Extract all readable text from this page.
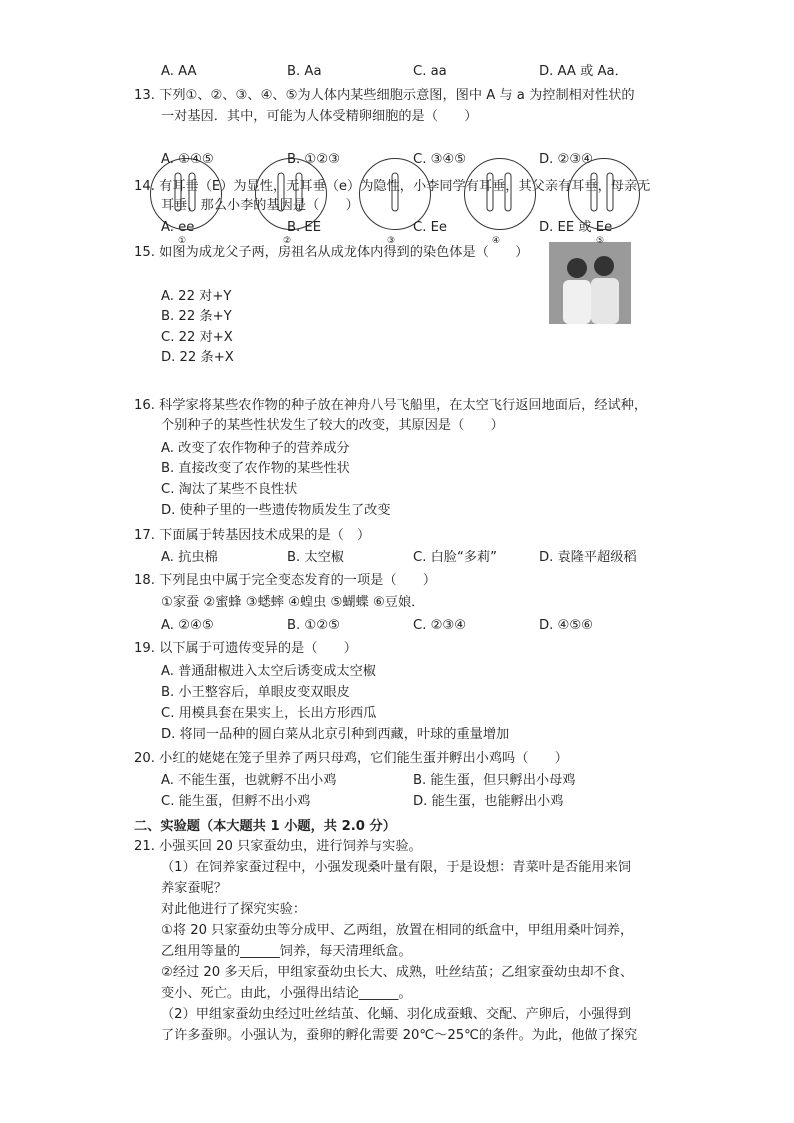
A. AA	B. Aa	C. aa	D. AA 或 Aa．
13. 下列①、②、③、④、⑤为人体内某些细胞示意图，图中 A 与 a 为控制相对性状的
一对基因．其中，可能为人体受精卵细胞的是（　　）
A. ①④⑤	B. ①②③	C. ③④⑤	D. ②③④
14. 有耳垂（E）为显性，无耳垂（e）为隐性，小李同学有耳垂，其父亲有耳垂，母亲无
耳垂，那么小李的基因是（　　）
A. ee	B. EE	C. Ee	D. EE 或 Ee
15. 如图为成龙父子两，房祖名从成龙体内得到的染色体是（　　）
A. 22 对+Y
B. 22 条+Y
C. 22 对+X
D. 22 条+X
16. 科学家将某些农作物的种子放在神舟八号飞船里，在太空飞行返回地面后，经试种，
个别种子的某些性状发生了较大的改变，其原因是（　　）
A. 改变了农作物种子的营养成分
B. 直接改变了农作物的某些性状
C. 淘汰了某些不良性状
D. 使种子里的一些遗传物质发生了改变
17. 下面属于转基因技术成果的是（　）
A. 抗虫棉	B. 太空椒	C. 白脸“多莉”	D. 袁隆平超级稻
18. 下列昆虫中属于完全变态发育的一项是（　　）
①家蚕 ②蜜蜂 ③蟋蟀 ④蝗虫 ⑤蝴蝶 ⑥豆娘．
A. ②④⑤	B. ①②⑤	C. ②③④	D. ④⑤⑥
19. 以下属于可遗传变异的是（　　）
A. 普通甜椒进入太空后诱变成太空椒
B. 小王整容后，单眼皮变双眼皮
C. 用模具套在果实上，长出方形西瓜
D. 将同一品种的圆白菜从北京引种到西藏，叶球的重量增加
20. 小红的姥姥在笼子里养了两只母鸡，它们能生蛋并孵出小鸡吗（　　）
A. 不能生蛋，也就孵不出小鸡	B. 能生蛋，但只孵出小母鸡
C. 能生蛋，但孵不出小鸡	D. 能生蛋，也能孵出小鸡
二、实验题（本大题共 1 小题，共 2.0 分）
21. 小强买回 20 只家蚕幼虫，进行饲养与实验。
（1）在饲养家蚕过程中，小强发现桑叶量有限，于是设想：青菜叶是否能用来饲
养家蚕呢？
对此他进行了探究实验：
①将 20 只家蚕幼虫等分成甲、乙两组，放置在相同的纸盒中，甲组用桑叶饲养，
乙组用等量的______饲养，每天清理纸盒。
②经过 20 多天后，甲组家蚕幼虫长大、成熟，吐丝结茧；乙组家蚕幼虫却不食、
变小、死亡。由此，小强得出结论______。
（2）甲组家蚕幼虫经过吐丝结茧、化蛹、羽化成蚕蛾、交配、产卵后，小强得到
了许多蚕卵。小强认为，蚕卵的孵化需要 20℃～25℃的条件。为此，他做了探究
①	②	③	④	⑤
